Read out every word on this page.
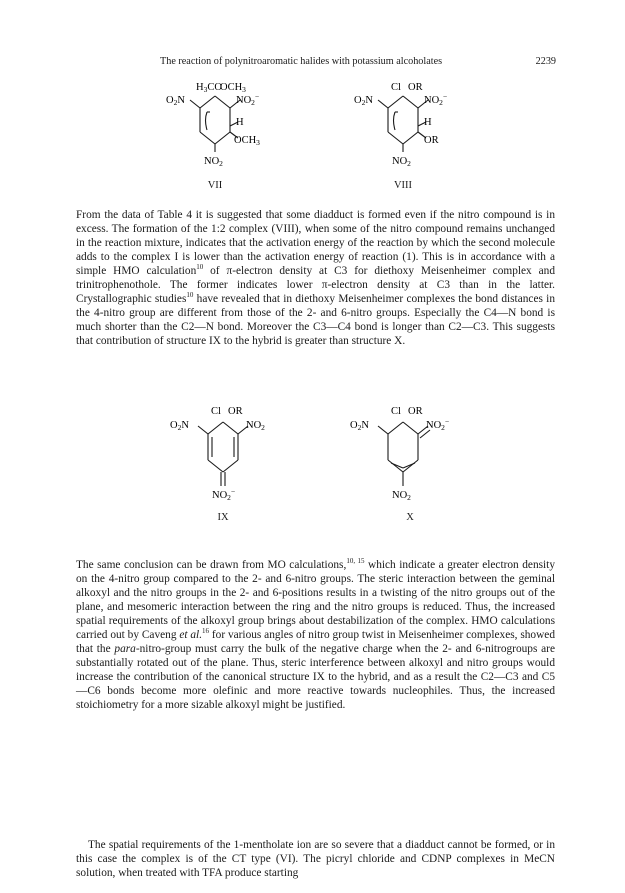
The reaction of polynitroaromatic halides with potassium alcoholates	2239
H3CO
OCH3
O2N	NO2−
H
OCH3
NO2
VII
Cl OR
O2N	NO2−
H
OR
NO2
VIII

From the data of Table 4 it is suggested that some diadduct is formed even if the nitro compound is in excess. The formation of the 1:2 complex (VIII), when some of the nitro compound remains unchanged in the reaction mixture, indicates that the activation energy of the reaction by which the second molecule adds to the complex I is lower than the activation energy of reaction (1). This is in accordance with a simple HMO calculation$^{10}$ of π-electron density at C3 for diethoxy Meisenheimer complex and trinitrophenothole. The former indicates lower π-electron density at C3 than in the latter. Crystallographic studies$^{10}$ have revealed that in diethoxy Meisenheimer complexes the bond distances in the 4-nitro group are different from those of the 2- and 6-nitro groups. Especially the C4—N bond is much shorter than the C2—N bond. Moreover the C3—C4 bond is longer than C2—C3. This suggests that contribution of structure IX to the hybrid is greater than structure X.

Cl OR
O2N	NO2
NO2−
IX
Cl OR
O2N	NO2−
NO2
X

The same conclusion can be drawn from MO calculations,$^{10, 15}$ which indicate a greater electron density on the 4-nitro group compared to the 2- and 6-nitro groups. The steric interaction between the geminal alkoxyl and the nitro groups in the 2- and 6-positions results in a twisting of the nitro groups out of the plane, and mesomeric interaction between the ring and the nitro groups is reduced. Thus, the increased spatial requirements of the alkoxyl group brings about destabilization of the complex. HMO calculations carried out by Caveng et al.$^{16}$ for various angles of nitro group twist in Meisenheimer complexes, showed that the para-nitro-group must carry the bulk of the negative charge when the 2- and 6-nitrogroups are substantially rotated out of the plane. Thus, steric interference between alkoxyl and nitro groups would increase the contribution of the canonical structure IX to the hybrid, and as a result the C2—C3 and C5—C6 bonds become more olefinic and more reactive towards nucleophiles. Thus, the increased stoichiometry for a more sizable alkoxyl might be justified.

The spatial requirements of the 1-mentholate ion are so severe that a diadduct cannot be formed, or in this case the complex is of the CT type (VI). The picryl chloride and CDNP complexes in MeCN solution, when treated with TFA produce starting
